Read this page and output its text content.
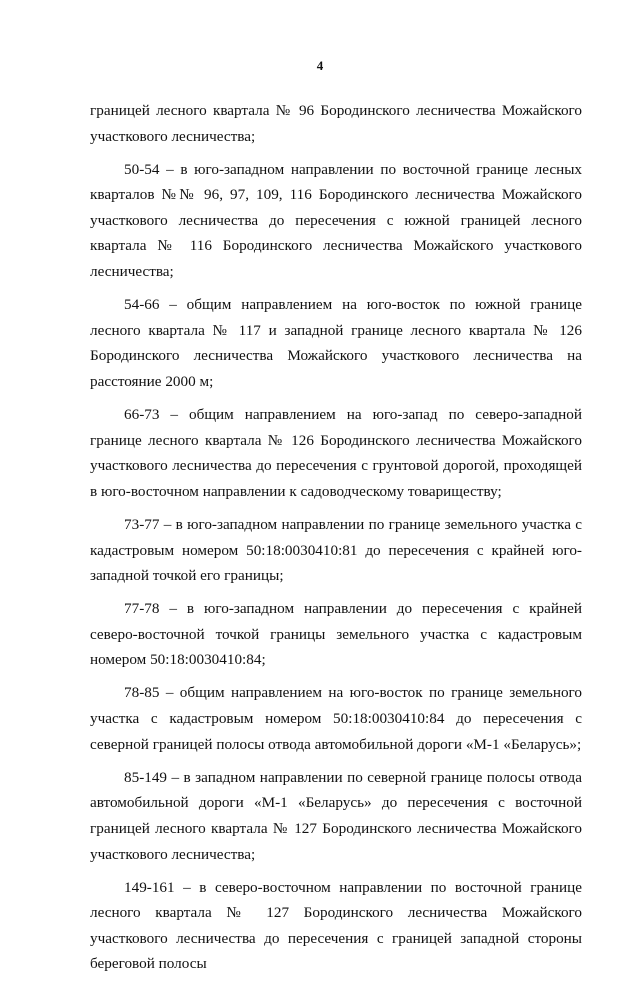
4

границей лесного квартала № 96 Бородинского лесничества Можайского участкового лесничества;

50-54 – в юго-западном направлении по восточной границе лесных кварталов №№ 96, 97, 109, 116 Бородинского лесничества Можайского участкового лесничества до пересечения с южной границей лесного квартала № 116 Бородинского лесничества Можайского участкового лесничества;

54-66 – общим направлением на юго-восток по южной границе лесного квартала № 117 и западной границе лесного квартала № 126 Бородинского лесничества Можайского участкового лесничества на расстояние 2000 м;

66-73 – общим направлением на юго-запад по северо-западной границе лесного квартала № 126 Бородинского лесничества Можайского участкового лесничества до пересечения с грунтовой дорогой, проходящей в юго-восточном направлении к садоводческому товариществу;

73-77 – в юго-западном направлении по границе земельного участка с кадастровым номером 50:18:0030410:81 до пересечения с крайней юго-западной точкой его границы;

77-78 – в юго-западном направлении до пересечения с крайней северо-восточной точкой границы земельного участка с кадастровым номером 50:18:0030410:84;

78-85 – общим направлением на юго-восток по границе земельного участка с кадастровым номером 50:18:0030410:84 до пересечения с северной границей полосы отвода автомобильной дороги «М-1 «Беларусь»;

85-149 – в западном направлении по северной границе полосы отвода автомобильной дороги «М-1 «Беларусь» до пересечения с восточной границей лесного квартала № 127 Бородинского лесничества Можайского участкового лесничества;

149-161 – в северо-восточном направлении по восточной границе лесного квартала № 127 Бородинского лесничества Можайского участкового лесничества до пересечения с границей западной стороны береговой полосы
